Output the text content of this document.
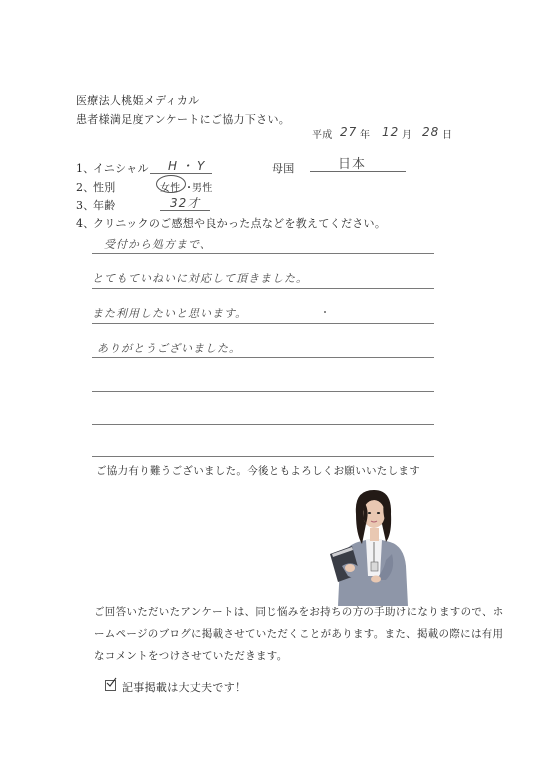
医療法人桃姫メディカル
患者様満足度アンケートにご協力下さい。
平成 27 年 12 月 28 日
1、
イニシャル H・Y	母国	日本
2、
性別	女性 ・
男性
3、
年齢	32才
4、
クリニックのご感想や良かった点などを教えてください。
受付から処方まで、
とてもていねいに対応して頂きました。
また利用したいと思います。
ありがとうございました。
ご協力有り難うございました。今後ともよろしくお願いいたします
ご回答いただいたアンケートは、同じ悩みをお持ちの方の手助けになりますので、ホ
ームページのブログに掲載させていただくことがあります。また、掲載の際には有用
なコメントをつけさせていただきます。
記事掲載は大丈夫です！
